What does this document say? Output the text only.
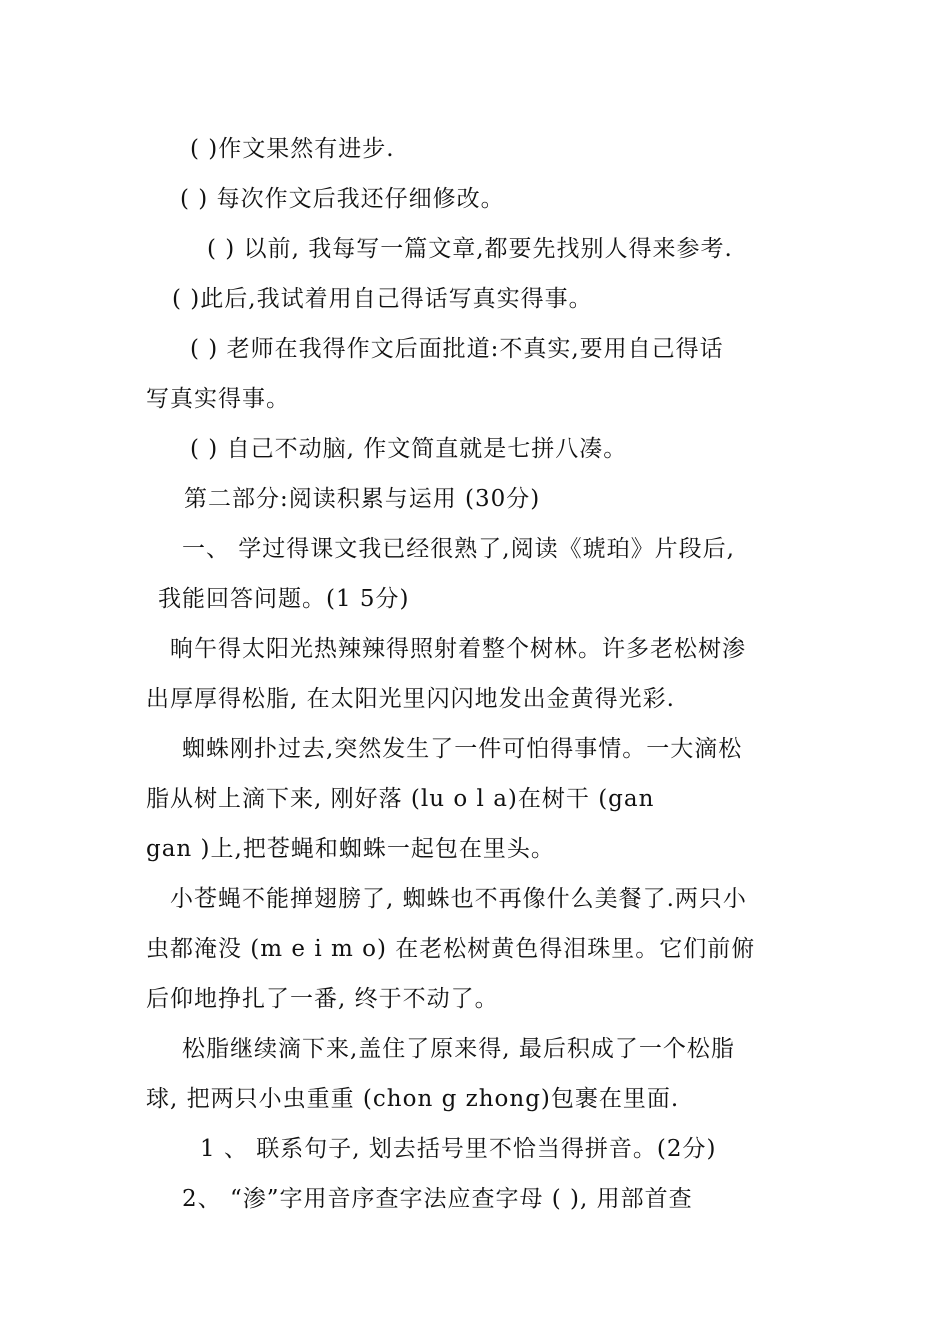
( )作文果然有进步.
( ) 每次作文后我还仔细修改。
( ) 以前, 我每写一篇文章,都要先找别人得来参考.
( )此后,我试着用自己得话写真实得事。
( ) 老师在我得作文后面批道:不真实,要用自己得话
写真实得事。
( ) 自己不动脑, 作文简直就是七拼八凑。
第二部分:阅读积累与运用 (30分)
一、 学过得课文我已经很熟了,阅读《琥珀》片段后,
我能回答问题。(1 5分)
晌午得太阳光热辣辣得照射着整个树林。许多老松树渗
出厚厚得松脂, 在太阳光里闪闪地发出金黄得光彩.
蜘蛛刚扑过去,突然发生了一件可怕得事情。一大滴松
脂从树上滴下来, 刚好落 (lu o l a)在树干 (gan
gan )上,把苍蝇和蜘蛛一起包在里头。
小苍蝇不能掸翅膀了, 蜘蛛也不再像什么美餐了.两只小
虫都淹没 (m e i m o) 在老松树黄色得泪珠里。它们前俯
后仰地挣扎了一番, 终于不动了。
松脂继续滴下来,盖住了原来得, 最后积成了一个松脂
球, 把两只小虫重重 (chon g zhong)包裹在里面.
1 、 联系句子, 划去括号里不恰当得拼音。(2分)
2、 “渗”字用音序查字法应查字母 ( ), 用部首查
